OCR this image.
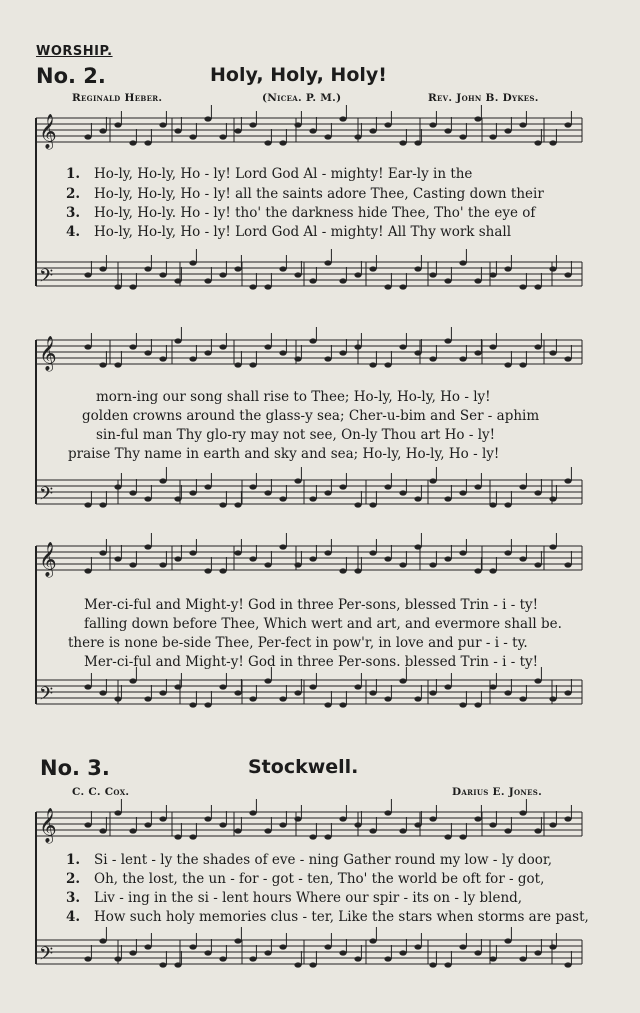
𝄞
𝄢
𝄞
𝄢
𝄞
𝄢
𝄞
𝄢
WORSHIP.
No. 2.	Holy, Holy, Holy!
Reginald Heber.	(Nicea. P. M.)	Rev. John B. Dykes.
1. Ho-ly, Ho-ly, Ho - ly! Lord God Al - mighty! Ear-ly in the
2. Ho-ly, Ho-ly, Ho - ly! all the saints adore Thee, Casting down their
3. Ho-ly, Ho-ly. Ho - ly! tho' the darkness hide Thee, Tho' the eye of
4. Ho-ly, Ho-ly, Ho - ly! Lord God Al - mighty! All Thy work shall
morn-ing our song shall rise to Thee; Ho-ly, Ho-ly, Ho - ly!
golden crowns around the glass-y sea; Cher-u-bim and Ser - aphim
sin-ful man Thy glo-ry may not see, On-ly Thou art Ho - ly!
praise Thy name in earth and sky and sea; Ho-ly, Ho-ly, Ho - ly!
Mer-ci-ful and Might-y! God in three Per-sons, blessed Trin - i - ty!
falling down before Thee, Which wert and art, and evermore shall be.
there is none be-side Thee, Per-fect in pow'r, in love and pur - i - ty.
Mer-ci-ful and Might-y! God in three Per-sons. blessed Trin - i - ty!
No. 3.	Stockwell.
C. C. Cox.	Darius E. Jones.
1. Si - lent - ly the shades of eve - ning Gather round my low - ly door,
2. Oh, the lost, the un - for - got - ten, Tho' the world be oft for - got,
3. Liv - ing in the si - lent hours Where our spir - its on - ly blend,
4. How such holy memories clus - ter, Like the stars when storms are past,
